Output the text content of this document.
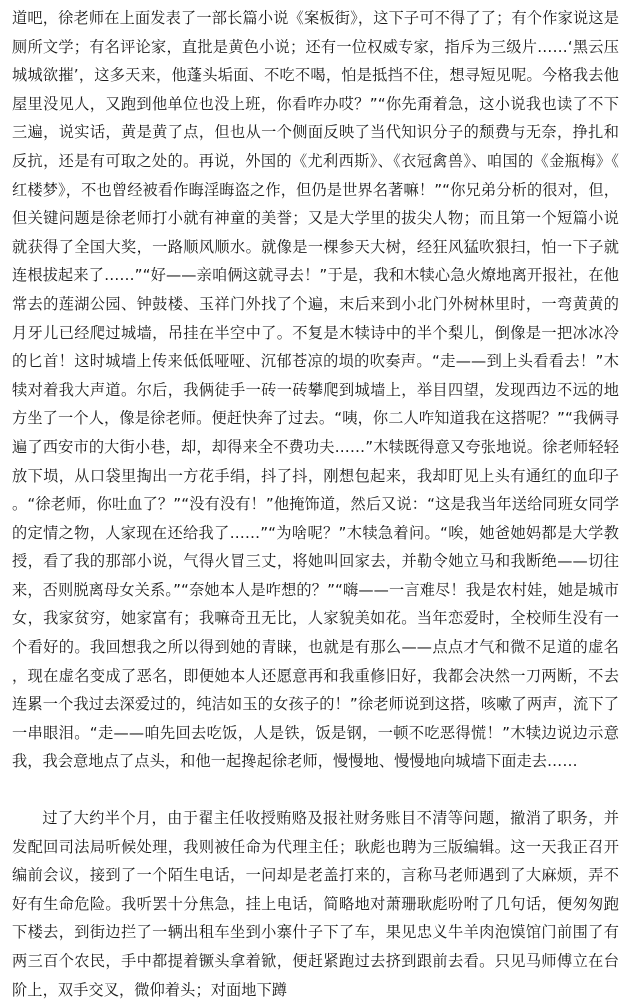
道吧，徐老师在上面发表了一部长篇小说《案板街》，这下子可不得了了；有个作家说这是厕所文学；有名评论家，直批是黄色小说；还有一位权威专家，指斥为三级片……‘黑云压城城欲摧’，这多天来，他蓬头垢面、不吃不喝，怕是抵挡不住，想寻短见呢。今格我去他屋里没见人，又跑到他单位也没上班，你看咋办哎？”“你先甭着急，这小说我也读了不下三遍，说实话，黄是黄了点，但也从一个侧面反映了当代知识分子的颓费与无奈，挣扎和反抗，还是有可取之处的。再说，外国的《尤利西斯》、《衣冠禽兽》、咱国的《金瓶梅》《红楼梦》，不也曾经被看作晦淫晦盗之作，但仍是世界名著嘛！”“你兄弟分析的很对，但，但关键问题是徐老师打小就有神童的美誉；又是大学里的拔尖人物；而且第一个短篇小说就获得了全国大奖，一路顺风顺水。就像是一棵参天大树，经狂风猛吹狠扫，怕一下子就连根拔起来了……”“好——亲咱俩这就寻去！”于是，我和木犊心急火燎地离开报社，在他常去的莲湖公园、钟鼓楼、玉祥门外找了个遍，末后来到小北门外树林里时，一弯黄黄的月牙儿已经爬过城墙，吊挂在半空中了。不复是木犊诗中的半个梨儿，倒像是一把冰冰冷的匕首！这时城墙上传来低低哑哑、沉郁苍凉的埙的吹奏声。“走——到上头看看去！”木犊对着我大声道。尔后，我俩徒手一砖一砖攀爬到城墙上，举目四望，发现西边不远的地方坐了一个人，像是徐老师。便赶快奔了过去。“咦，你二人咋知道我在这搭呢？”“我俩寻遍了西安市的大街小巷，却，却得来全不费功夫……”木犊既得意又夸张地说。徐老师轻轻放下埙，从口袋里掏出一方花手绢，抖了抖，刚想包起来，我却盯见上头有通红的血印子。“徐老师，你吐血了？”“没有没有！”他掩饰道，然后又说：“这是我当年送给同班女同学的定情之物，人家现在还给我了……”“为啥呢？”木犊急着问。“唉，她爸她妈都是大学教授，看了我的那部小说，气得火冒三丈，将她叫回家去，并勒令她立马和我断绝——切往来，否则脱离母女关系。”“奈她本人是咋想的？”“嗨——一言难尽！我是农村娃，她是城市女，我家贫穷，她家富有；我嘛奇丑无比，人家貌美如花。当年恋爱时，全校师生没有一个看好的。我回想我之所以得到她的青睐，也就是有那么——点点才气和微不足道的虚名，现在虚名变成了恶名，即便她本人还愿意再和我重修旧好，我都会决然一刀两断，不去连累一个我过去深爱过的，纯洁如玉的女孩子的！”徐老师说到这搭，咳嗽了两声，流下了一串眼泪。“走——咱先回去吃饭，人是铁，饭是钢，一顿不吃恶得慌！”木犊边说边示意我，我会意地点了点头，和他一起搀起徐老师，慢慢地、慢慢地向城墙下面走去……

过了大约半个月，由于翟主任收授贿赂及报社财务账目不清等问题，撤消了职务，并发配回司法局听候处理，我则被任命为代理主任；耿彪也聘为三版编辑。这一天我正召开编前会议，接到了一个陌生电话，一问却是老盖打来的，言称马老师遇到了大麻烦，弄不好有生命危险。我听罢十分焦急，挂上电话，简略地对萧珊耿彪吩咐了几句话，便匆匆跑下楼去，到街边拦了一辆出租车坐到小寨什子下了车，果见忠义牛羊肉泡馍馆门前围了有两三百个农民，手中都提着镢头拿着锨，便赶紧跑过去挤到跟前去看。只见马师傅立在台阶上，双手交叉，微仰着头；对面地下蹲
